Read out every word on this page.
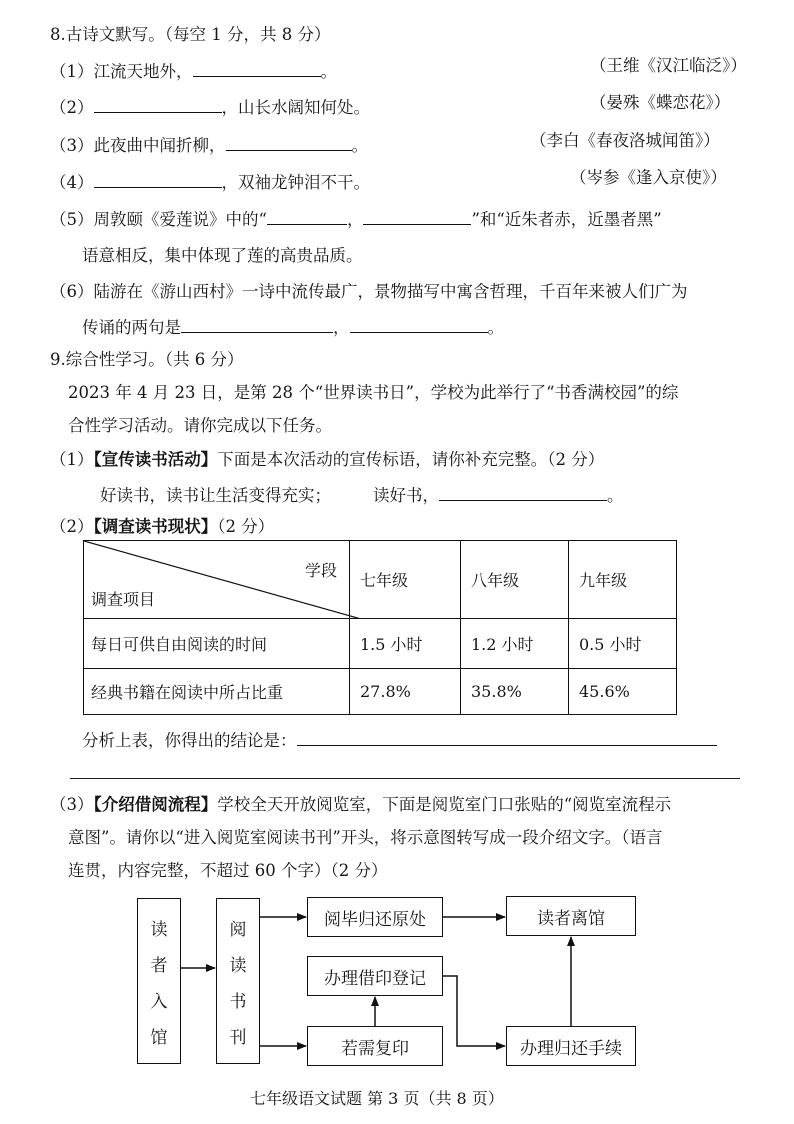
8.古诗文默写。（每空 1 分，共 8 分）
（1）江流天地外，	。	（王维《汉江临泛》）
（2）	，山长水阔知何处。	（晏殊《蝶恋花》）
（3）此夜曲中闻折柳，	。	（李白《春夜洛城闻笛》）
（4）	，双袖龙钟泪不干。	（岑参《逢入京使》）
（5）周敦颐《爱莲说》中的“	，	”和“近朱者赤，近墨者黑”
语意相反，集中体现了莲的高贵品质。
（6）陆游在《游山西村》一诗中流传最广，景物描写中寓含哲理，千百年来被人们广为
传诵的两句是	，	。
9.综合性学习。（共 6 分）
2023 年 4 月 23 日，是第 28 个“世界读书日”，学校为此举行了“书香满校园”的综
合性学习活动。请你完成以下任务。
（1）【宣传读书活动】下面是本次活动的宣传标语，请你补充完整。（2 分）
好读书，读书让生活变得充实；	读好书，	。
（2）【调查读书现状】（2 分）
学段
调查项目	七年级	八年级	九年级
每日可供自由阅读的时间	1.5 小时	1.2 小时	0.5 小时
经典书籍在阅读中所占比重	27.8%	35.8%	45.6%
分析上表，你得出的结论是：
（3）【介绍借阅流程】学校全天开放阅览室，下面是阅览室门口张贴的“阅览室流程示
意图”。请你以“进入阅览室阅读书刊”开头，将示意图转写成一段介绍文字。（语言
连贯，内容完整，不超过 60 个字）（2 分）
读
者
入
馆
阅
读
书
刊
阅毕归还原处	读者离馆
办理借印登记
若需复印	办理归还手续
七年级语文试题 第 3 页（共 8 页）
